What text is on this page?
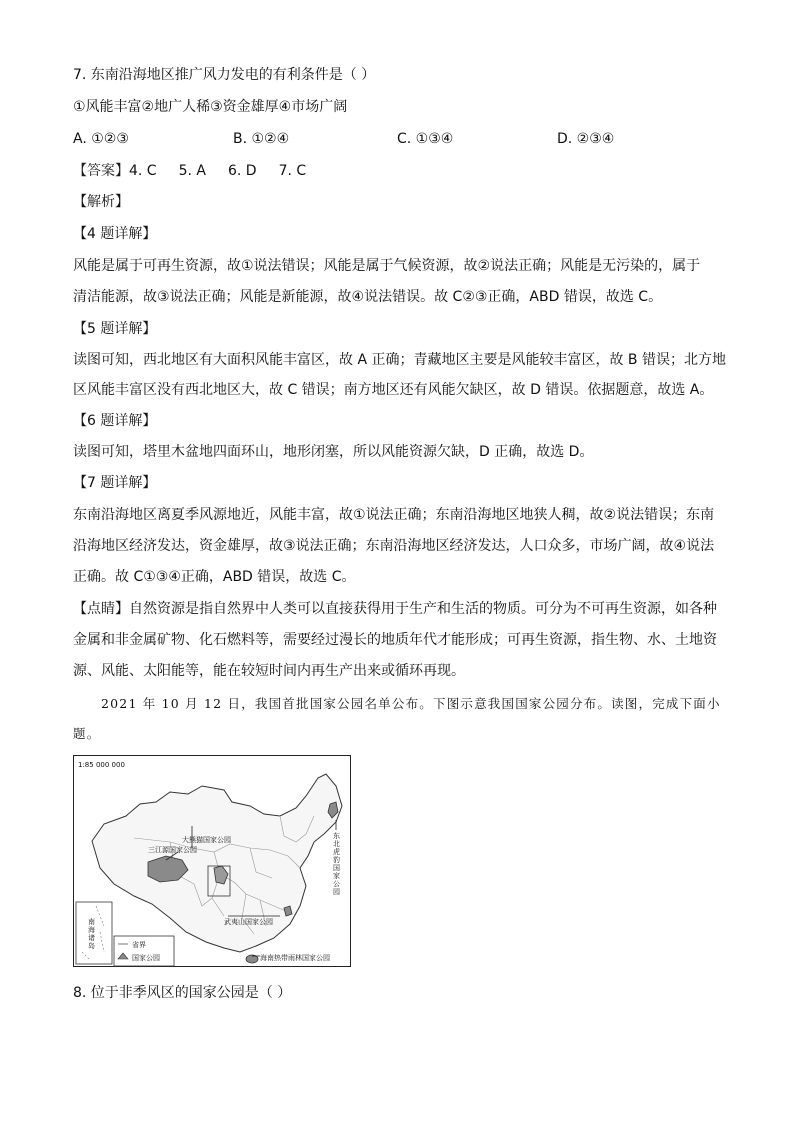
7. 东南沿海地区推广风力发电的有利条件是（ ）
①风能丰富②地广人稀③资金雄厚④市场广阔
A. ①②③	B. ①②④	C. ①③④	D. ②③④
【答案】4. C 5. A 6. D 7. C
【解析】
【4 题详解】
风能是属于可再生资源，故①说法错误；风能是属于气候资源，故②说法正确；风能是无污染的，属于
清洁能源，故③说法正确；风能是新能源，故④说法错误。故 C②③正确，ABD 错误，故选 C。
【5 题详解】
读图可知，西北地区有大面积风能丰富区，故 A 正确；青藏地区主要是风能较丰富区，故 B 错误；北方地
区风能丰富区没有西北地区大，故 C 错误；南方地区还有风能欠缺区，故 D 错误。依据题意，故选 A。
【6 题详解】
读图可知，塔里木盆地四面环山，地形闭塞，所以风能资源欠缺，D 正确，故选 D。
【7 题详解】
东南沿海地区离夏季风源地近，风能丰富，故①说法正确；东南沿海地区地狭人稠，故②说法错误；东南
沿海地区经济发达，资金雄厚，故③说法正确；东南沿海地区经济发达，人口众多，市场广阔，故④说法
正确。故 C①③④正确，ABD 错误，故选 C。
【点睛】自然资源是指自然界中人类可以直接获得用于生产和生活的物质。可分为不可再生资源，如各种
金属和非金属矿物、化石燃料等，需要经过漫长的地质年代才能形成；可再生资源，指生物、水、土地资
源、风能、太阳能等，能在较短时间内再生产出来或循环再现。
2021 年 10 月 12 日，我国首批国家公园名单公布。下图示意我国国家公园分布。读图，完成下面小
题。
1:85 000 000
大熊猫国家公园
三江源国家公园
武夷山国家公园
海南热带雨林国家公园
东
北
虎
豹
国
家
公
园
南
海
诸
岛	省界
国家公园
8. 位于非季风区的国家公园是（ ）
